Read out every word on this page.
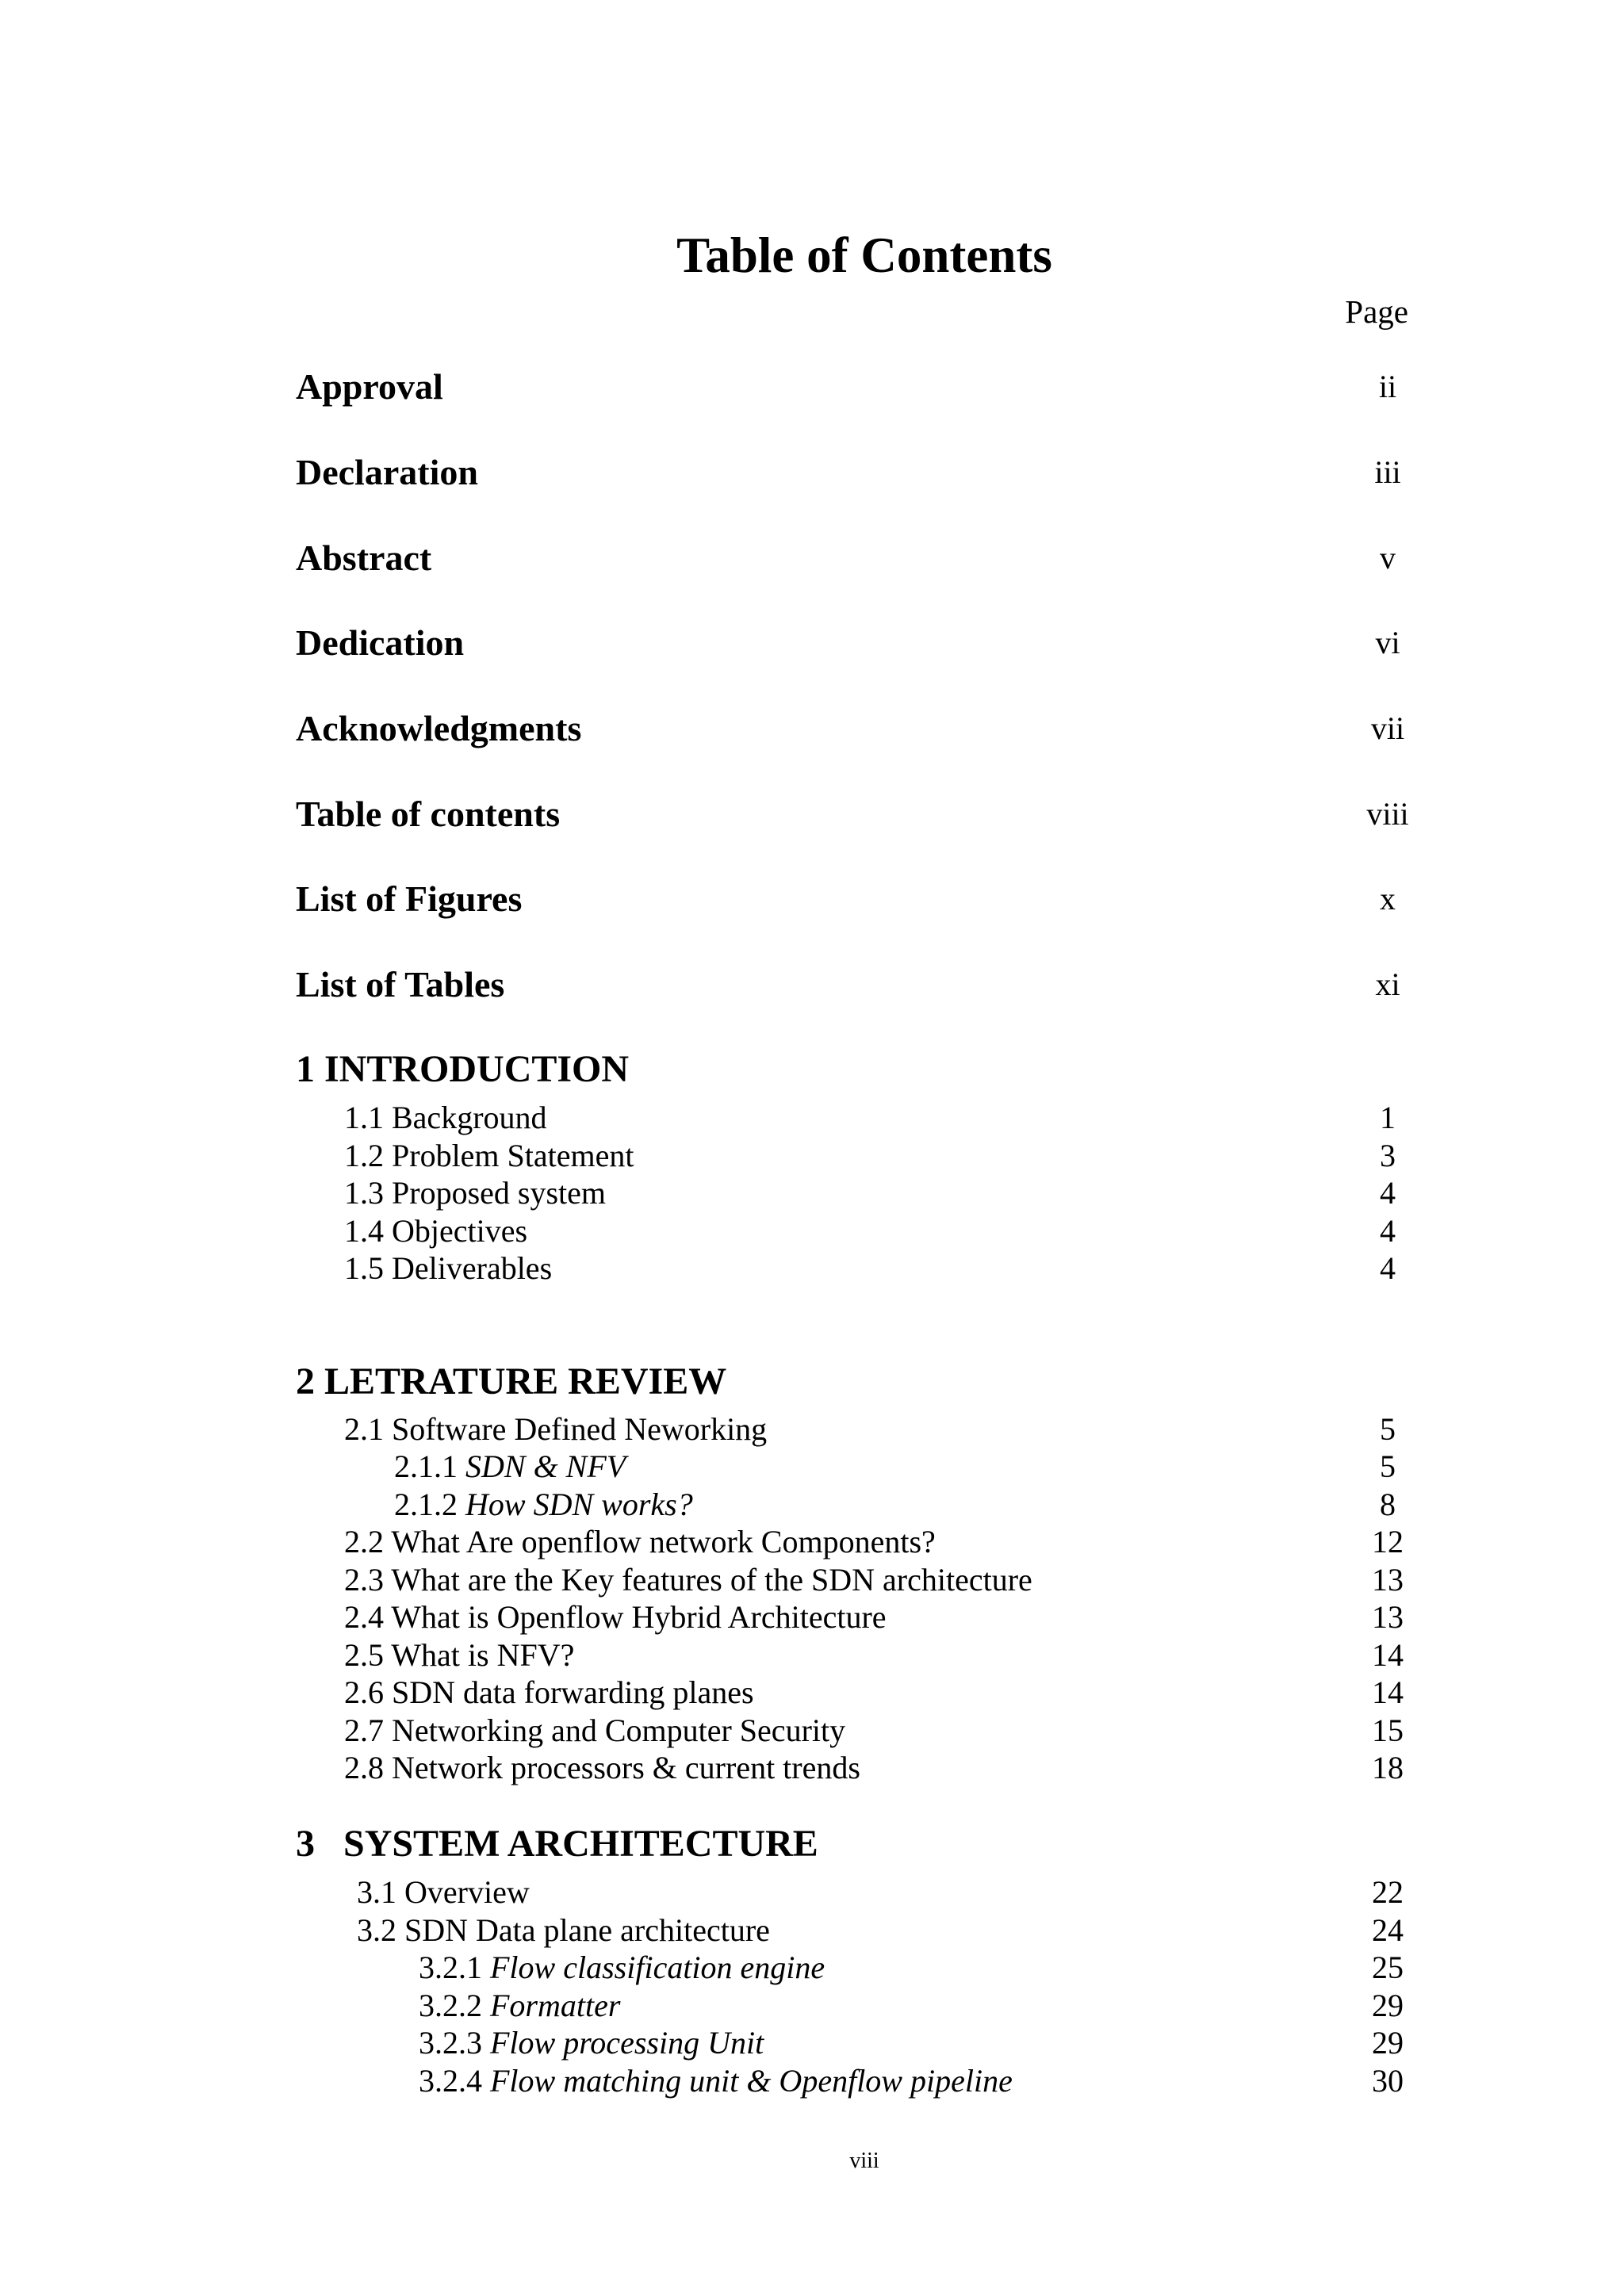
Table of Contents
Page
Approval	ii
Declaration	iii
Abstract	v
Dedication	vi
Acknowledgments	vii
Table of contents	viii
List of Figures	x
List of Tables	xi
1 INTRODUCTION
1.1 Background	1
1.2 Problem Statement	3
1.3 Proposed system	4
1.4 Objectives	4
1.5 Deliverables	4
2 LETRATURE REVIEW
2.1 Software Defined Neworking	5
2.1.1 SDN & NFV	5
2.1.2 How SDN works?	8
2.2 What Are openflow network Components?	12
2.3 What are the Key features of the SDN architecture	13
2.4 What is Openflow Hybrid Architecture	13
2.5 What is NFV?	14
2.6 SDN data forwarding planes	14
2.7 Networking and Computer Security	15
2.8 Network processors & current trends	18
3   SYSTEM ARCHITECTURE
3.1 Overview	22
3.2 SDN Data plane architecture	24
3.2.1 Flow classification engine	25
3.2.2 Formatter	29
3.2.3 Flow processing Unit	29
3.2.4 Flow matching unit & Openflow pipeline	30
viii
